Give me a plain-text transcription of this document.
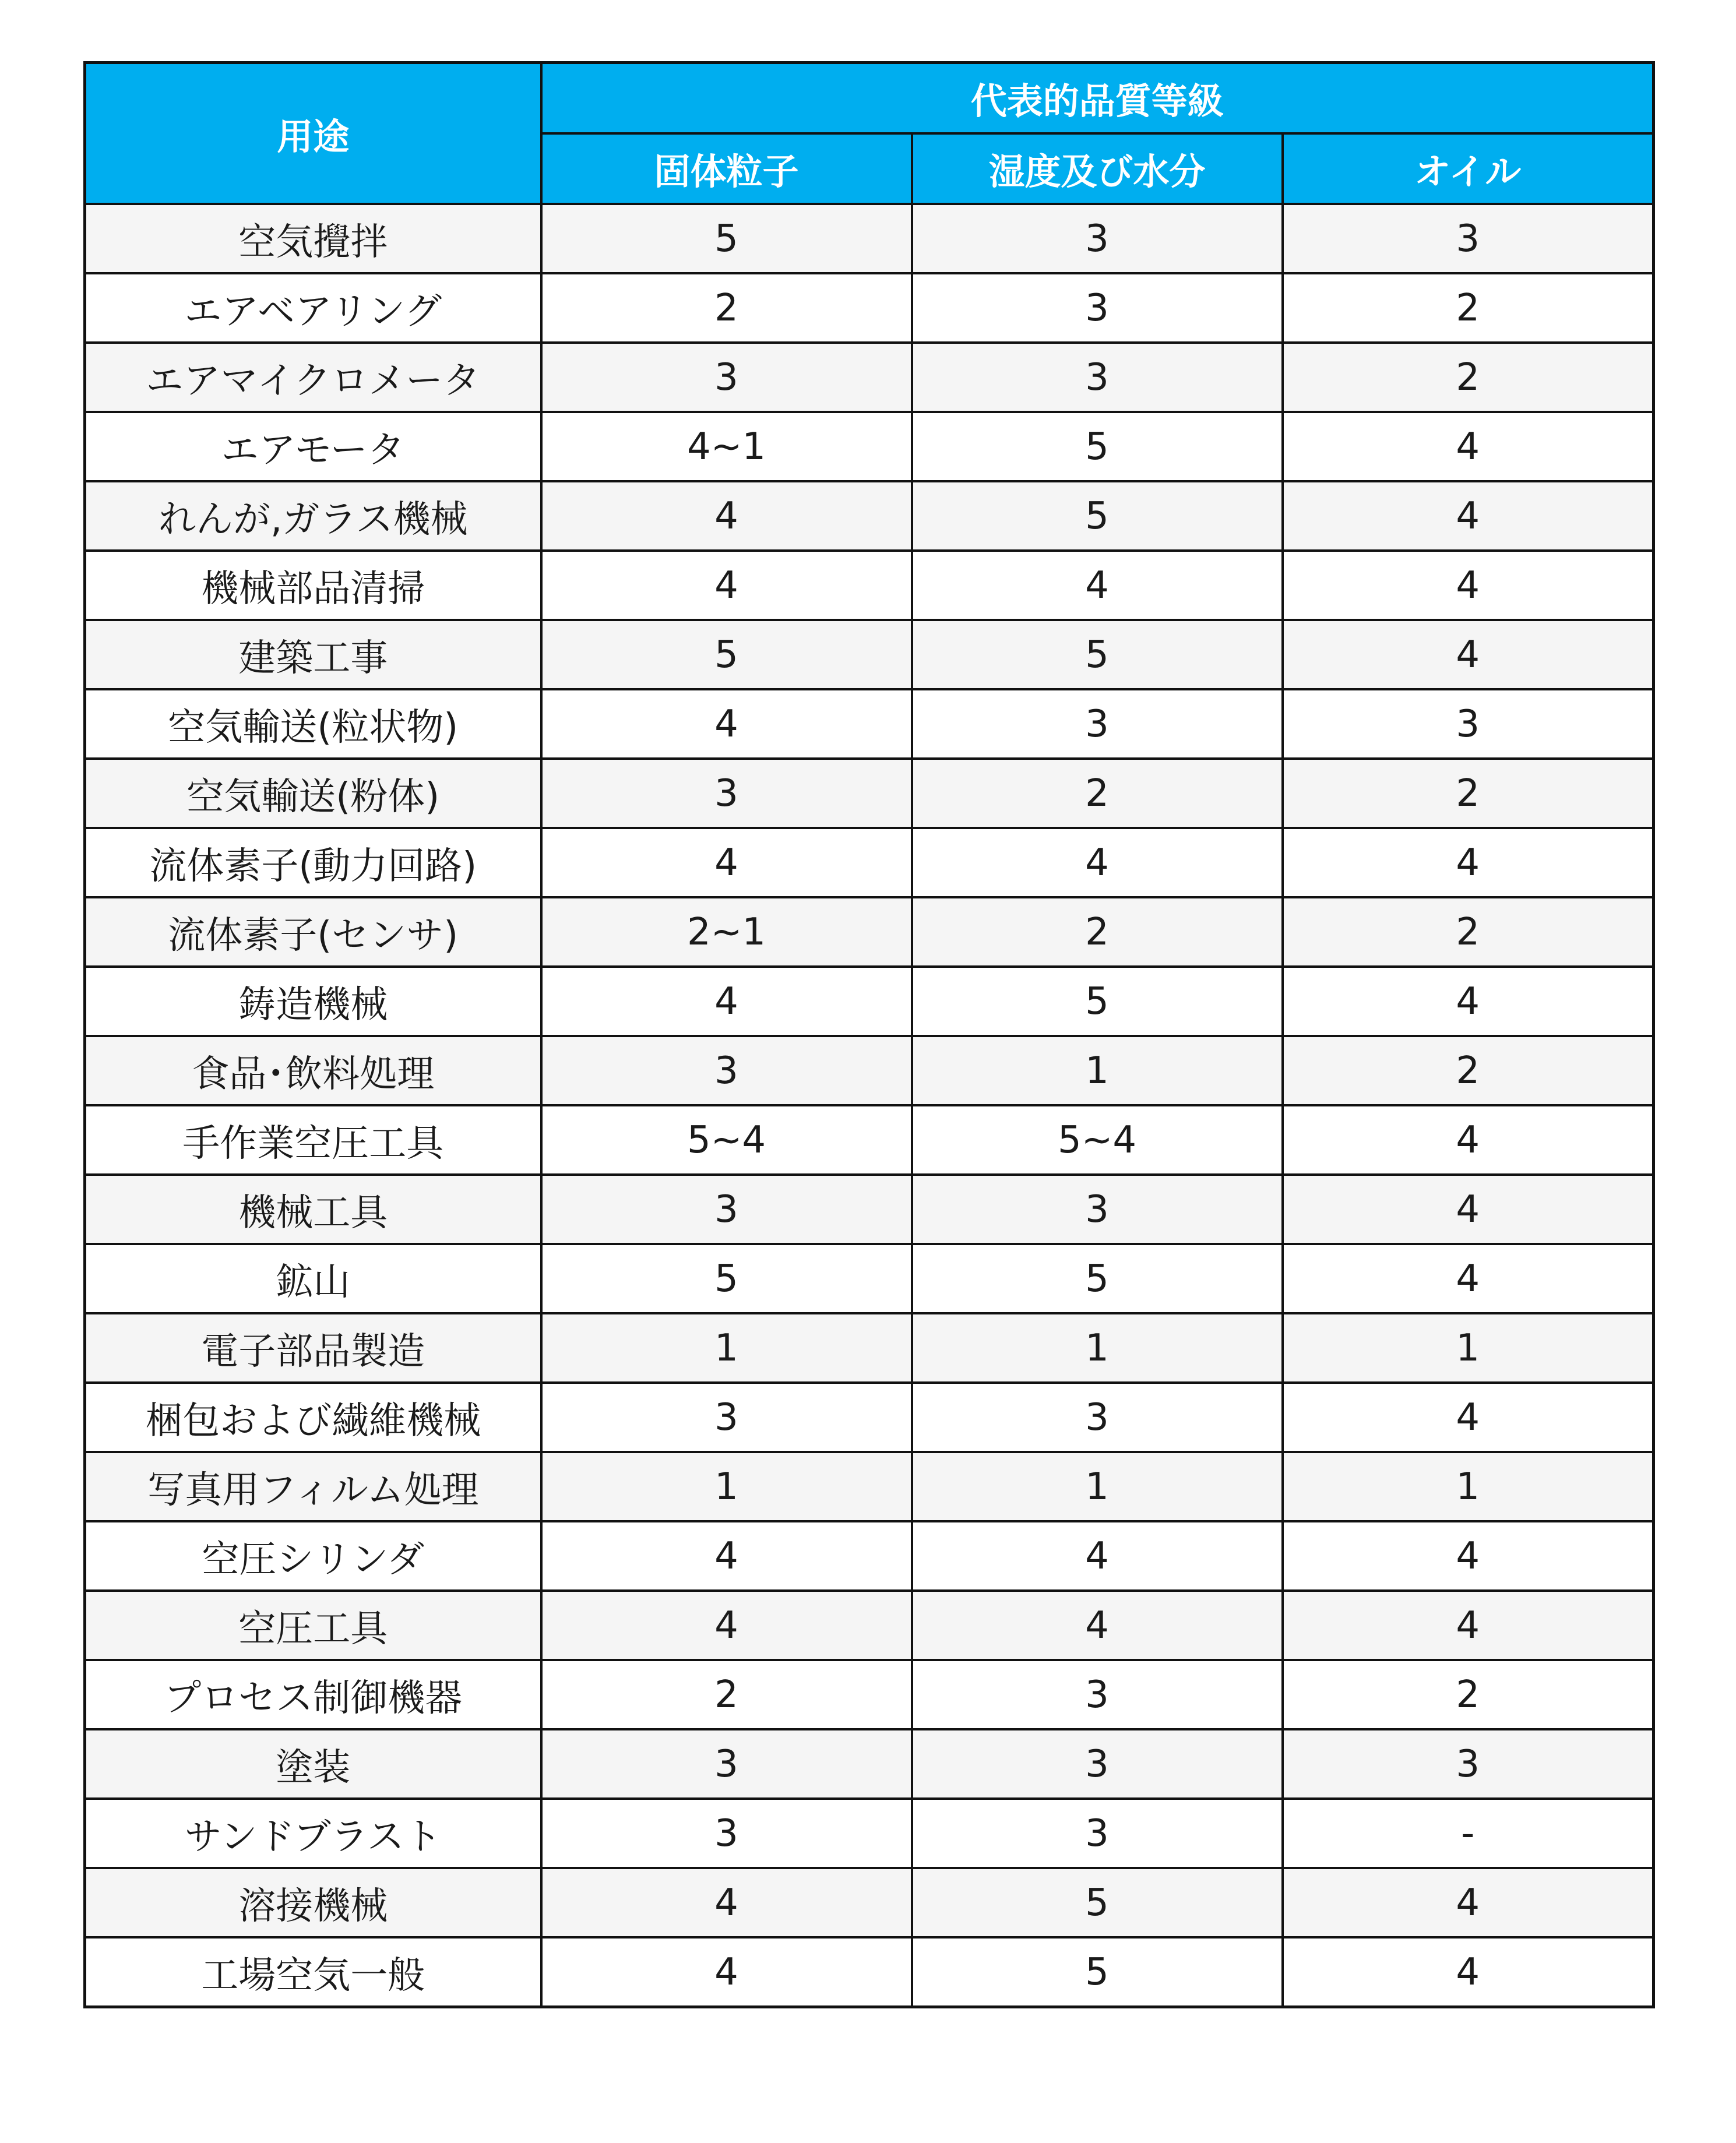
用途	代表的品質等級		
	固体粒子	湿度及び水分	オイル
空気攪拌	5	3	3
エアベアリング	2	3	2
エアマイクロメータ	3	3	2
エアモータ	4~1	5	4
れんが,ガラス機械	4	5	4
機械部品清掃	4	4	4
建築工事	5	5	4
空気輸送(粒状物)	4	3	3
空気輸送(粉体)	3	2	2
流体素子(動力回路)	4	4	4
流体素子(センサ)	2~1	2	2
鋳造機械	4	5	4
食品･飲料処理	3	1	2
手作業空圧工具	5~4	5~4	4
機械工具	3	3	4
鉱山	5	5	4
電子部品製造	1	1	1
梱包および繊維機械	3	3	4
写真用フィルム処理	1	1	1
空圧シリンダ	4	4	4
空圧工具	4	4	4
プロセス制御機器	2	3	2
塗装	3	3	3
サンドブラスト	3	3	-
溶接機械	4	5	4
工場空気一般	4	5	4
